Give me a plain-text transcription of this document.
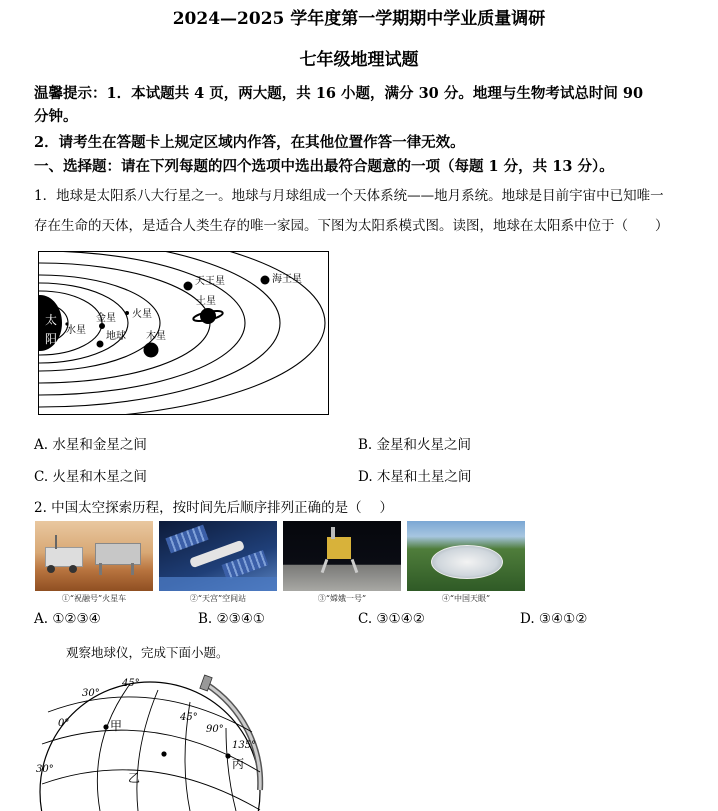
2024—2025 学年度第一学期期中学业质量调研
七年级地理试题
温馨提示：1．本试题共 4 页，两大题，共 16 小题，满分 30 分。地理与生物考试总时间 90
分钟。
2．请考生在答题卡上规定区域内作答，在其他位置作答一律无效。
一、选择题：请在下列每题的四个选项中选出最符合题意的一项（每题 1 分，共 13 分）。
1．地球是太阳系八大行星之一。地球与月球组成一个天体系统——地月系统。地球是目前宇宙中已知唯一
存在生命的天体，是适合人类生存的唯一家园。下图为太阳系模式图。读图，地球在太阳系中位于（　　）
太
阳
水星
金星
地球
火星
木星
土星
天王星	海王星
A. 水星和金星之间	B. 金星和火星之间
C. 火星和木星之间	D. 木星和土星之间
2. 中国太空探索历程，按时间先后顺序排列正确的是（　 ）
①“祝融号”火星车	②“天宫”空间站	③“嫦娥一号”	④“中国天眼”
A. ①②③④	B. ②③④①	C. ③①④②	D. ③④①②
观察地球仪，完成下面小题。
30°
0°
30°
45°
45°
90°
135°
甲
乙
丙
